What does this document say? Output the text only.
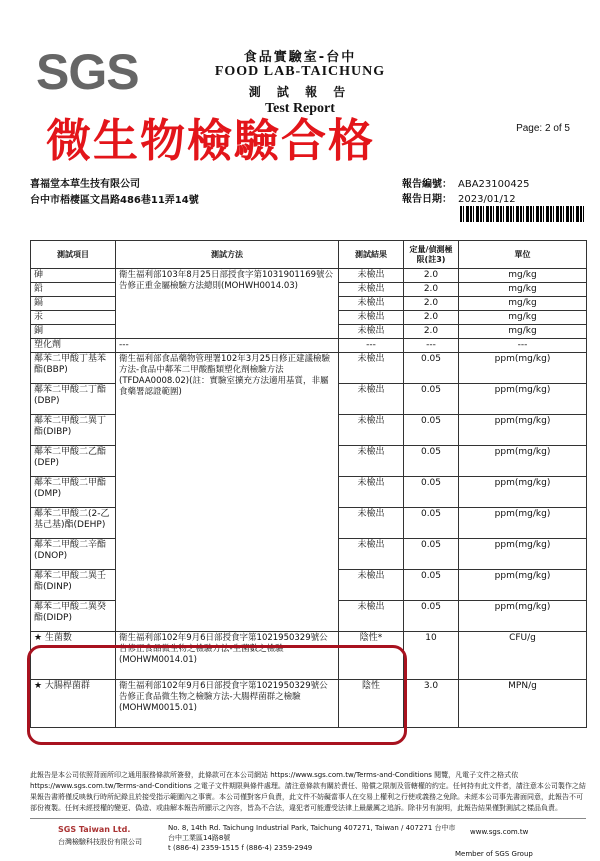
SGS	食品實驗室-台中
FOOD LAB-TAICHUNG
測 試 報 告
Test Report
微生物檢驗合格	Page: 2 of 5
喜福堂本草生技有限公司
台中市梧棲區文昌路486巷11弄14號
報告編號： ABA23100425
報告日期： 2023/01/12
測試項目	測試方法	測試結果	定量/偵測極限(註3)	單位
砷	衛生福利部103年8月25日部授食字第1031901169號公告修正重金屬檢驗方法總則(MOHWH0014.03)	未檢出	2.0	mg/kg
鉛		未檢出	2.0	mg/kg
鎘		未檢出	2.0	mg/kg
汞		未檢出	2.0	mg/kg
銅		未檢出	2.0	mg/kg
塑化劑	---	---	---	---
鄰苯二甲酸丁基苯酯(BBP)	衛生福利部食品藥物管理署102年3月25日修正建議檢驗方法-食品中鄰苯二甲酸酯類塑化劑檢驗方法(TFDAA0008.02)(註：實驗室擴充方法適用基質，非屬食藥署認證範圍)	未檢出	0.05	ppm(mg/kg)
鄰苯二甲酸二丁酯(DBP)		未檢出	0.05	ppm(mg/kg)
鄰苯二甲酸二異丁酯(DIBP)		未檢出	0.05	ppm(mg/kg)
鄰苯二甲酸二乙酯(DEP)		未檢出	0.05	ppm(mg/kg)
鄰苯二甲酸二甲酯(DMP)		未檢出	0.05	ppm(mg/kg)
鄰苯二甲酸二(2-乙基己基)酯(DEHP)		未檢出	0.05	ppm(mg/kg)
鄰苯二甲酸二辛酯(DNOP)		未檢出	0.05	ppm(mg/kg)
鄰苯二甲酸二異壬酯(DINP)		未檢出	0.05	ppm(mg/kg)
鄰苯二甲酸二異癸酯(DIDP)		未檢出	0.05	ppm(mg/kg)
★ 生菌數	衛生福利部102年9月6日部授食字第1021950329號公告修正食品微生物之檢驗方法-生菌數之檢驗(MOHWM0014.01)	陰性*	10	CFU/g
★ 大腸桿菌群	衛生福利部102年9月6日部授食字第1021950329號公告修正食品微生物之檢驗方法-大腸桿菌群之檢驗(MOHWM0015.01)	陰性	3.0	MPN/g
此報告是本公司依照背面所印之通用服務條款所簽發，此條款可在本公司網站 https://www.sgs.com.tw/Terms-and-Conditions 閱覽，凡電子文件之格式依 https://www.sgs.com.tw/Terms-and-Conditions 之電子文件期限與條件處理。請注意條款有關於責任、賠償之限制及管轄權的約定。任何持有此文件者，請注意本公司製作之結果報告書將僅反映執行時所紀錄且於接受指示範圍內之事實。本公司僅對客戶負責，此文件不妨礙當事人在交易上權利之行使或義務之免除。未經本公司事先書面同意，此報告不可部份複製。任何未經授權的變更、偽造、或曲解本報告所顯示之內容，皆為不合法，違犯者可能遭受法律上最嚴厲之追訴。除非另有說明，此報告結果僅對測試之樣品負責。
SGS Taiwan Ltd.
台灣檢驗科技股份有限公司
No. 8, 14th Rd. Taichung Industrial Park, Taichung 407271, Taiwan / 407271 台中市台中工業區14路8號
t (886-4) 2359-1515 f (886-4) 2359-2949
www.sgs.com.tw
Member of SGS Group
